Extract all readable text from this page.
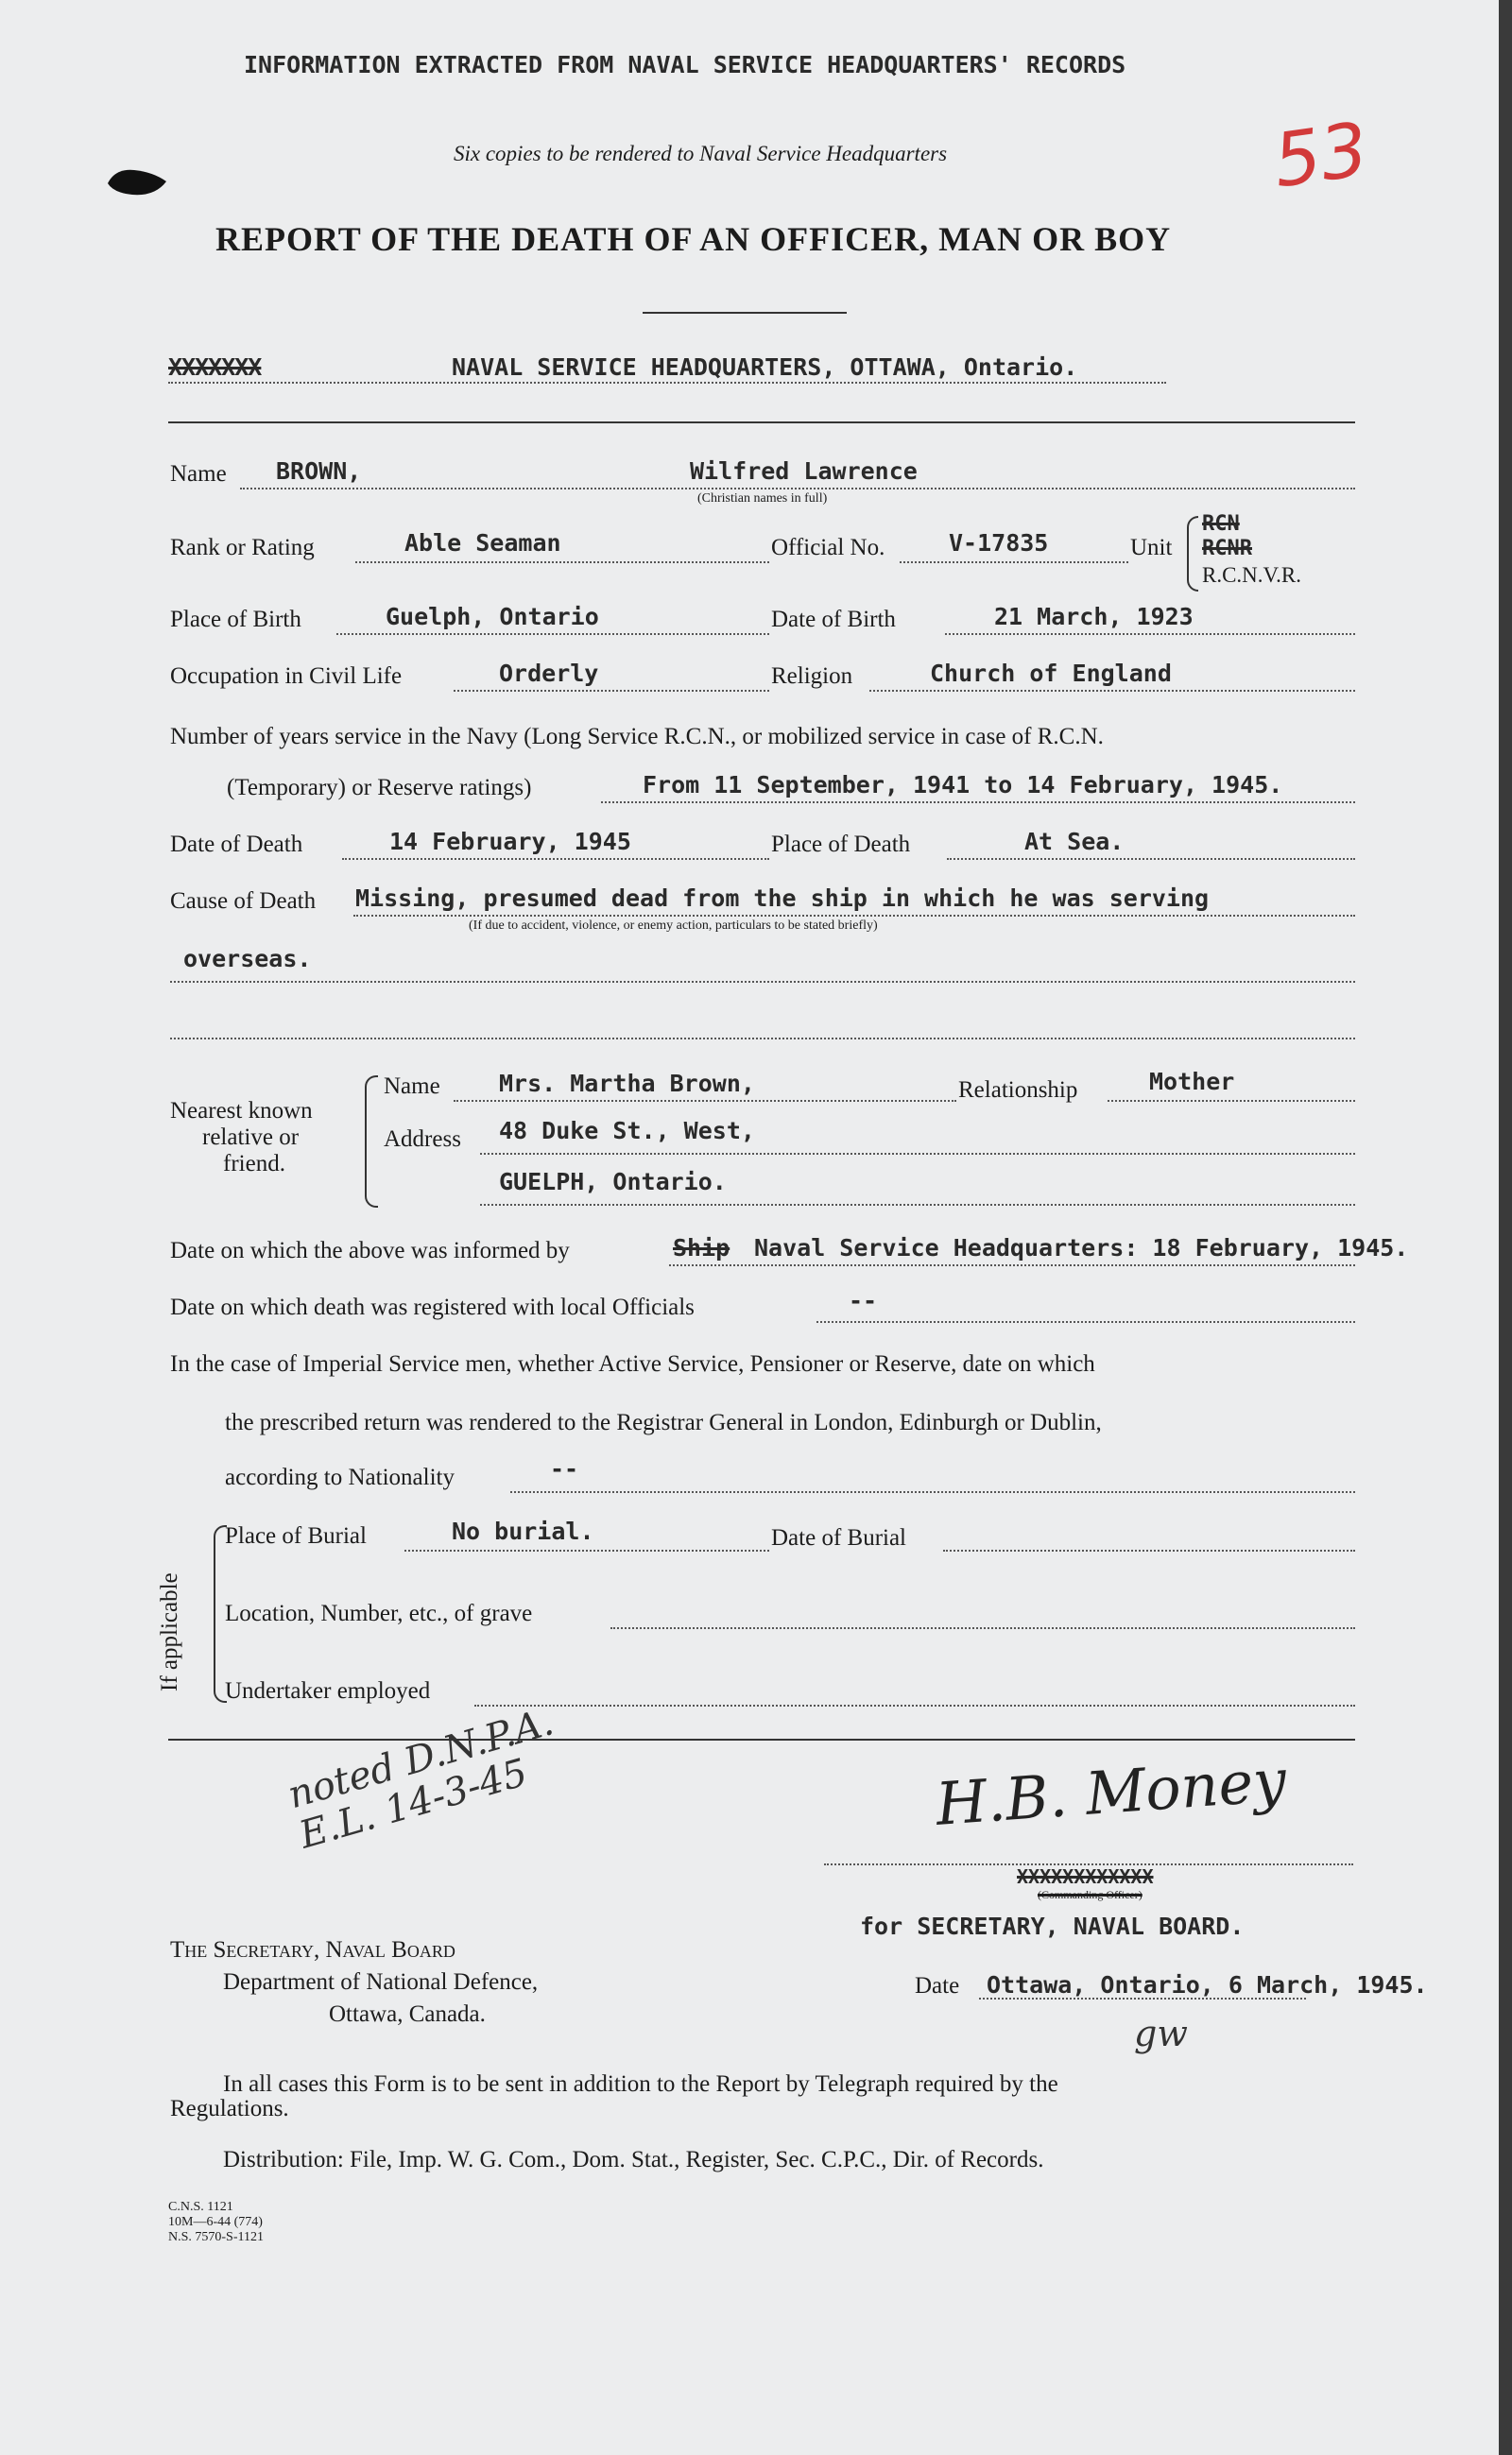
INFORMATION EXTRACTED FROM NAVAL SERVICE HEADQUARTERS' RECORDS
Six copies to be rendered to Naval Service Headquarters	53
REPORT OF THE DEATH OF AN OFFICER, MAN OR BOY
XXXXXXX	NAVAL SERVICE HEADQUARTERS, OTTAWA, Ontario.
Name BROWN,	Wilfred Lawrence
(Christian names in full)
Rank or Rating	Able Seaman	Official No.	V-17835	Unit
RCN
RCNR
R.C.N.V.R.
Place of Birth	Guelph, Ontario	Date of Birth	21 March, 1923
Occupation in Civil Life	Orderly	Religion	Church of England
Number of years service in the Navy (Long Service R.C.N., or mobilized service in case of R.C.N.
(Temporary) or Reserve ratings)	From 11 September, 1941 to 14 February, 1945.
Date of Death	14 February, 1945	Place of Death	At Sea.
Cause of Death Missing, presumed dead from the ship in which he was serving
(If due to accident, violence, or enemy action, particulars to be stated briefly)
overseas.
Nearest known
relative or
friend.
Name Mrs. Martha Brown,	Relationship	Mother
Address 48 Duke St., West,
GUELPH, Ontario.
Date on which the above was informed by	Ship Naval Service Headquarters: 18 February, 1945.
Date on which death was registered with local Officials	--
In the case of Imperial Service men, whether Active Service, Pensioner or Reserve, date on which
the prescribed return was rendered to the Registrar General in London, Edinburgh or Dublin,
according to Nationality	--
If applicable
Place of Burial	No burial.	Date of Burial
Location, Number, etc., of grave
Undertaker employed
noted D.N.P.A. E.L. 14-3-45	H.B. Money
XXXXXXXXXXXX
(Commanding Officer)
for SECRETARY, NAVAL BOARD.
The Secretary, Naval Board
Department of National Defence,
Ottawa, Canada.
Date Ottawa, Ontario, 6 March, 1945.
gw
In all cases this Form is to be sent in addition to the Report by Telegraph required by the
Regulations.
Distribution: File, Imp. W. G. Com., Dom. Stat., Register, Sec. C.P.C., Dir. of Records.
C.N.S. 1121
10M—6-44 (774)
N.S. 7570-S-1121
